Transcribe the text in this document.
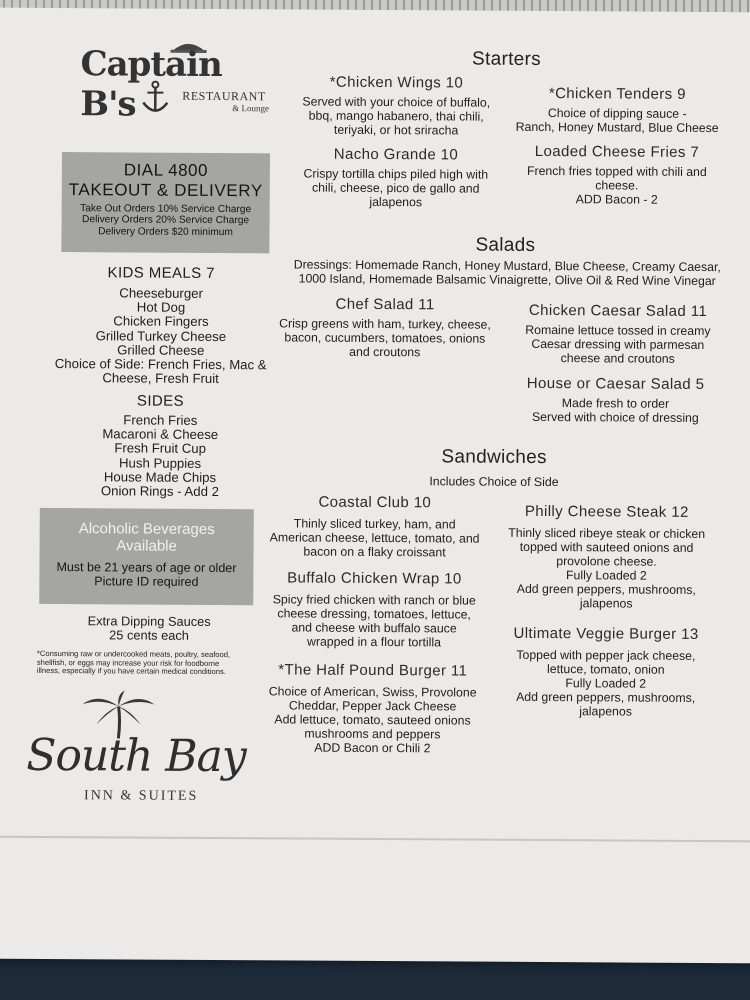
Captain B's	RESTAURANT
& Lounge
DIAL 4800
TAKEOUT & DELIVERY
Take Out Orders 10% Service Charge
Delivery Orders 20% Service Charge
Delivery Orders $20 minimum
KIDS MEALS 7
Cheeseburger
Hot Dog
Chicken Fingers
Grilled Turkey Cheese
Grilled Cheese
Choice of Side: French Fries, Mac &
Cheese, Fresh Fruit
SIDES
French Fries
Macaroni & Cheese
Fresh Fruit Cup
Hush Puppies
House Made Chips
Onion Rings - Add 2
Alcoholic Beverages
Available
Must be 21 years of age or older
Picture ID required
Extra Dipping Sauces
25 cents each
*Consuming raw or undercooked meats, poultry, seafood,
shellfish, or eggs may increase your risk for foodborne
illness, especially if you have certain medical conditions.
South Bay
INN & SUITES
Starters
*Chicken Wings 10
Served with your choice of buffalo,
bbq, mango habanero, thai chili,
teriyaki, or hot sriracha
*Chicken Tenders 9
Choice of dipping sauce -
Ranch, Honey Mustard, Blue Cheese
Nacho Grande 10
Crispy tortilla chips piled high with
chili, cheese, pico de gallo and
jalapenos
Loaded Cheese Fries 7
French fries topped with chili and
cheese.
ADD Bacon - 2
Salads
Dressings: Homemade Ranch, Honey Mustard, Blue Cheese, Creamy Caesar,
1000 Island, Homemade Balsamic Vinaigrette, Olive Oil & Red Wine Vinegar
Chef Salad 11
Crisp greens with ham, turkey, cheese,
bacon, cucumbers, tomatoes, onions
and croutons
Chicken Caesar Salad 11
Romaine lettuce tossed in creamy
Caesar dressing with parmesan
cheese and croutons
House or Caesar Salad 5
Made fresh to order
Served with choice of dressing
Sandwiches
Includes Choice of Side
Coastal Club 10
Thinly sliced turkey, ham, and
American cheese, lettuce, tomato, and
bacon on a flaky croissant
Philly Cheese Steak 12
Thinly sliced ribeye steak or chicken
topped with sauteed onions and
provolone cheese.
Fully Loaded 2
Add green peppers, mushrooms,
jalapenos
Buffalo Chicken Wrap 10
Spicy fried chicken with ranch or blue
cheese dressing, tomatoes, lettuce,
and cheese with buffalo sauce
wrapped in a flour tortilla	Ultimate Veggie Burger 13
Topped with pepper jack cheese,
lettuce, tomato, onion
Fully Loaded 2
Add green peppers, mushrooms,
jalapenos
*The Half Pound Burger 11
Choice of American, Swiss, Provolone
Cheddar, Pepper Jack Cheese
Add lettuce, tomato, sauteed onions
mushrooms and peppers
ADD Bacon or Chili 2
